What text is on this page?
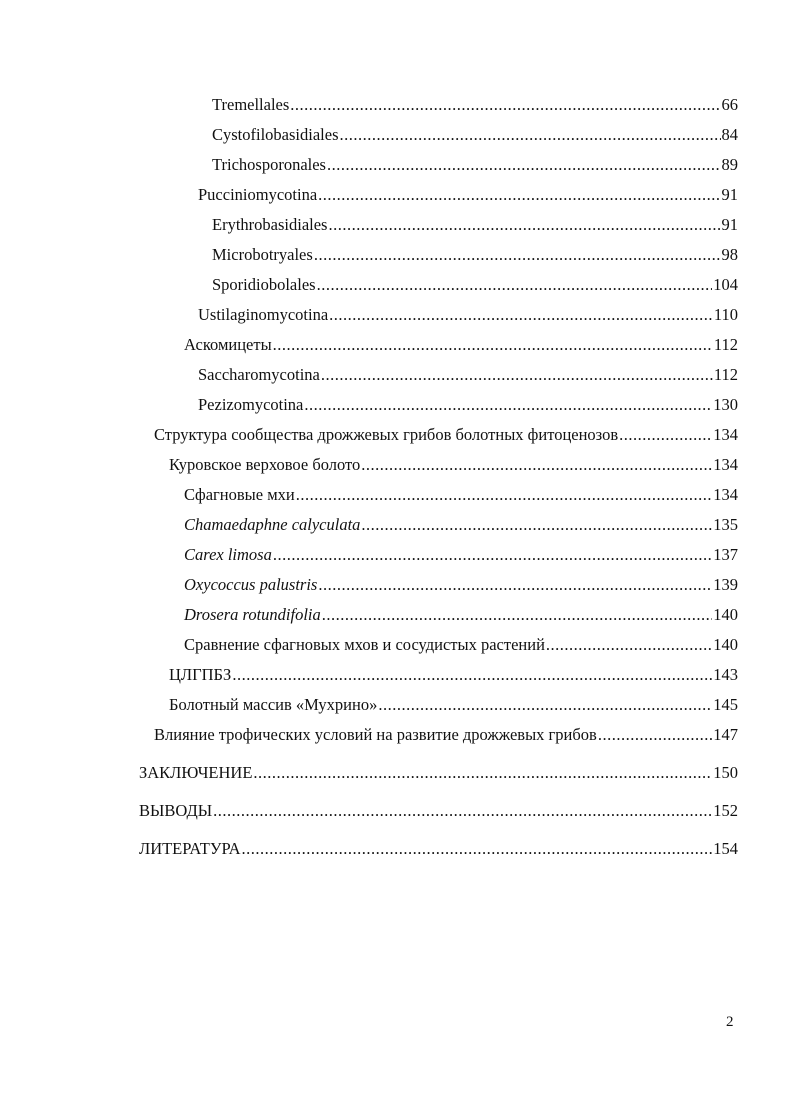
Tremellales .....	66
Cystofilobasidiales .....	84
Trichosporonales .....	89
Pucciniomycotina .....	91
Erythrobasidiales .....	91
Microbotryales .....	98
Sporidiobolales .....	104
Ustilaginomycotina .....	110
Аскомицеты .....	112
Saccharomycotina .....	112
Pezizomycotina .....	130
Структура сообщества дрожжевых грибов болотных фитоценозов .....	134
Куровское верховое болото .....	134
Сфагновые мхи .....	134
Chamaedaphne calyculata .....	135
Carex limosa .....	137
Oxycoccus palustris .....	139
Drosera rotundifolia .....	140
Сравнение сфагновых мхов и сосудистых растений .....	140
ЦЛГПБЗ .....	143
Болотный массив «Мухрино» .....	145
Влияние трофических условий на развитие дрожжевых грибов .....	147
ЗАКЛЮЧЕНИЕ .....	150
ВЫВОДЫ .....	152
ЛИТЕРАТУРА .....	154
2
